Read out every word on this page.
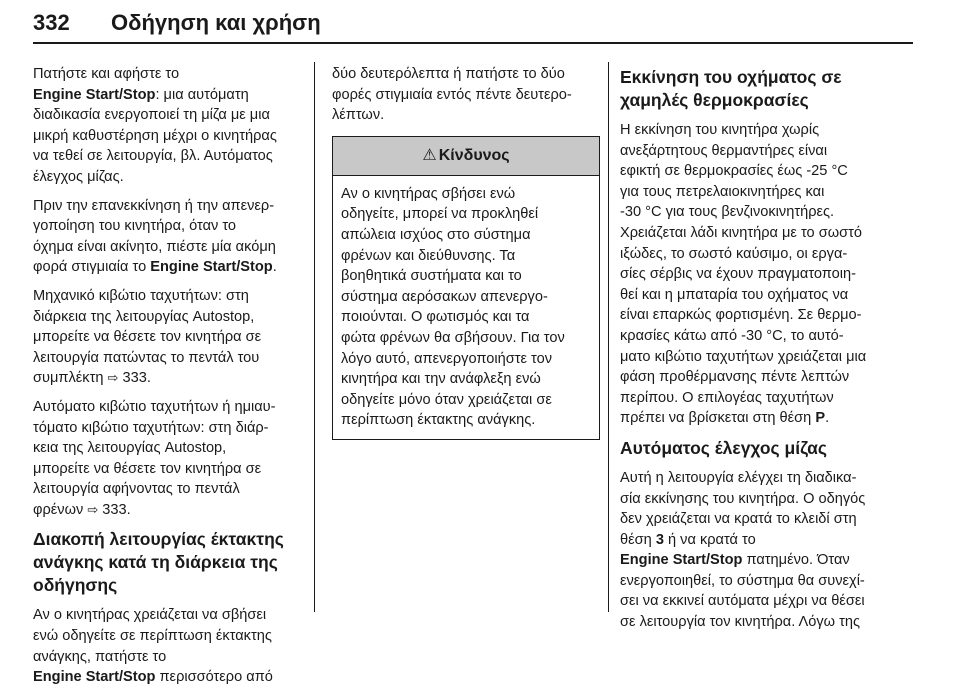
332 Οδήγηση και χρήση

Πατήστε και αφήστε το
Engine Start/Stop: μια αυτόματη
διαδικασία ενεργοποιεί τη μίζα με μια
μικρή καθυστέρηση μέχρι ο κινητήρας
να τεθεί σε λειτουργία, βλ. Αυτόματος
έλεγχος μίζας.

Πριν την επανεκκίνηση ή την απενερ-
γοποίηση του κινητήρα, όταν το
όχημα είναι ακίνητο, πιέστε μία ακόμη
φορά στιγμιαία το Engine Start/Stop.

Μηχανικό κιβώτιο ταχυτήτων: στη
διάρκεια της λειτουργίας Autostop,
μπορείτε να θέσετε τον κινητήρα σε
λειτουργία πατώντας το πεντάλ του
συμπλέκτη ⇨ 333.

Αυτόματο κιβώτιο ταχυτήτων ή ημιαυ-
τόματο κιβώτιο ταχυτήτων: στη διάρ-
κεια της λειτουργίας Autostop,
μπορείτε να θέσετε τον κινητήρα σε
λειτουργία αφήνοντας το πεντάλ
φρένων ⇨ 333.

Διακοπή λειτουργίας έκτακτης
ανάγκης κατά τη διάρκεια της
οδήγησης

Αν ο κινητήρας χρειάζεται να σβήσει
ενώ οδηγείτε σε περίπτωση έκτακτης
ανάγκης, πατήστε το
Engine Start/Stop περισσότερο από

δύο δευτερόλεπτα ή πατήστε το δύο
φορές στιγμιαία εντός πέντε δευτερο-
λέπτων.

⚠ Κίνδυνος
Αν ο κινητήρας σβήσει ενώ
οδηγείτε, μπορεί να προκληθεί
απώλεια ισχύος στο σύστημα
φρένων και διεύθυνσης. Τα
βοηθητικά συστήματα και το
σύστημα αερόσακων απενεργο-
ποιούνται. Ο φωτισμός και τα
φώτα φρένων θα σβήσουν. Για τον
λόγο αυτό, απενεργοποιήστε τον
κινητήρα και την ανάφλεξη ενώ
οδηγείτε μόνο όταν χρειάζεται σε
περίπτωση έκτακτης ανάγκης.
Εκκίνηση του οχήματος σε
χαμηλές θερμοκρασίες

Η εκκίνηση του κινητήρα χωρίς
ανεξάρτητους θερμαντήρες είναι
εφικτή σε θερμοκρασίες έως -25 °C
για τους πετρελαιοκινητήρες και
-30 °C για τους βενζινοκινητήρες.
Χρειάζεται λάδι κινητήρα με το σωστό
ιξώδες, το σωστό καύσιμο, οι εργα-
σίες σέρβις να έχουν πραγματοποιη-
θεί και η μπαταρία του οχήματος να
είναι επαρκώς φορτισμένη. Σε θερμο-
κρασίες κάτω από -30 °C, το αυτό-
ματο κιβώτιο ταχυτήτων χρειάζεται μια
φάση προθέρμανσης πέντε λεπτών
περίπου. Ο επιλογέας ταχυτήτων
πρέπει να βρίσκεται στη θέση P.

Αυτόματος έλεγχος μίζας

Αυτή η λειτουργία ελέγχει τη διαδικα-
σία εκκίνησης του κινητήρα. Ο οδηγός
δεν χρειάζεται να κρατά το κλειδί στη
θέση 3 ή να κρατά το
Engine Start/Stop πατημένο. Όταν
ενεργοποιηθεί, το σύστημα θα συνεχί-
σει να εκκινεί αυτόματα μέχρι να θέσει
σε λειτουργία τον κινητήρα. Λόγω της
